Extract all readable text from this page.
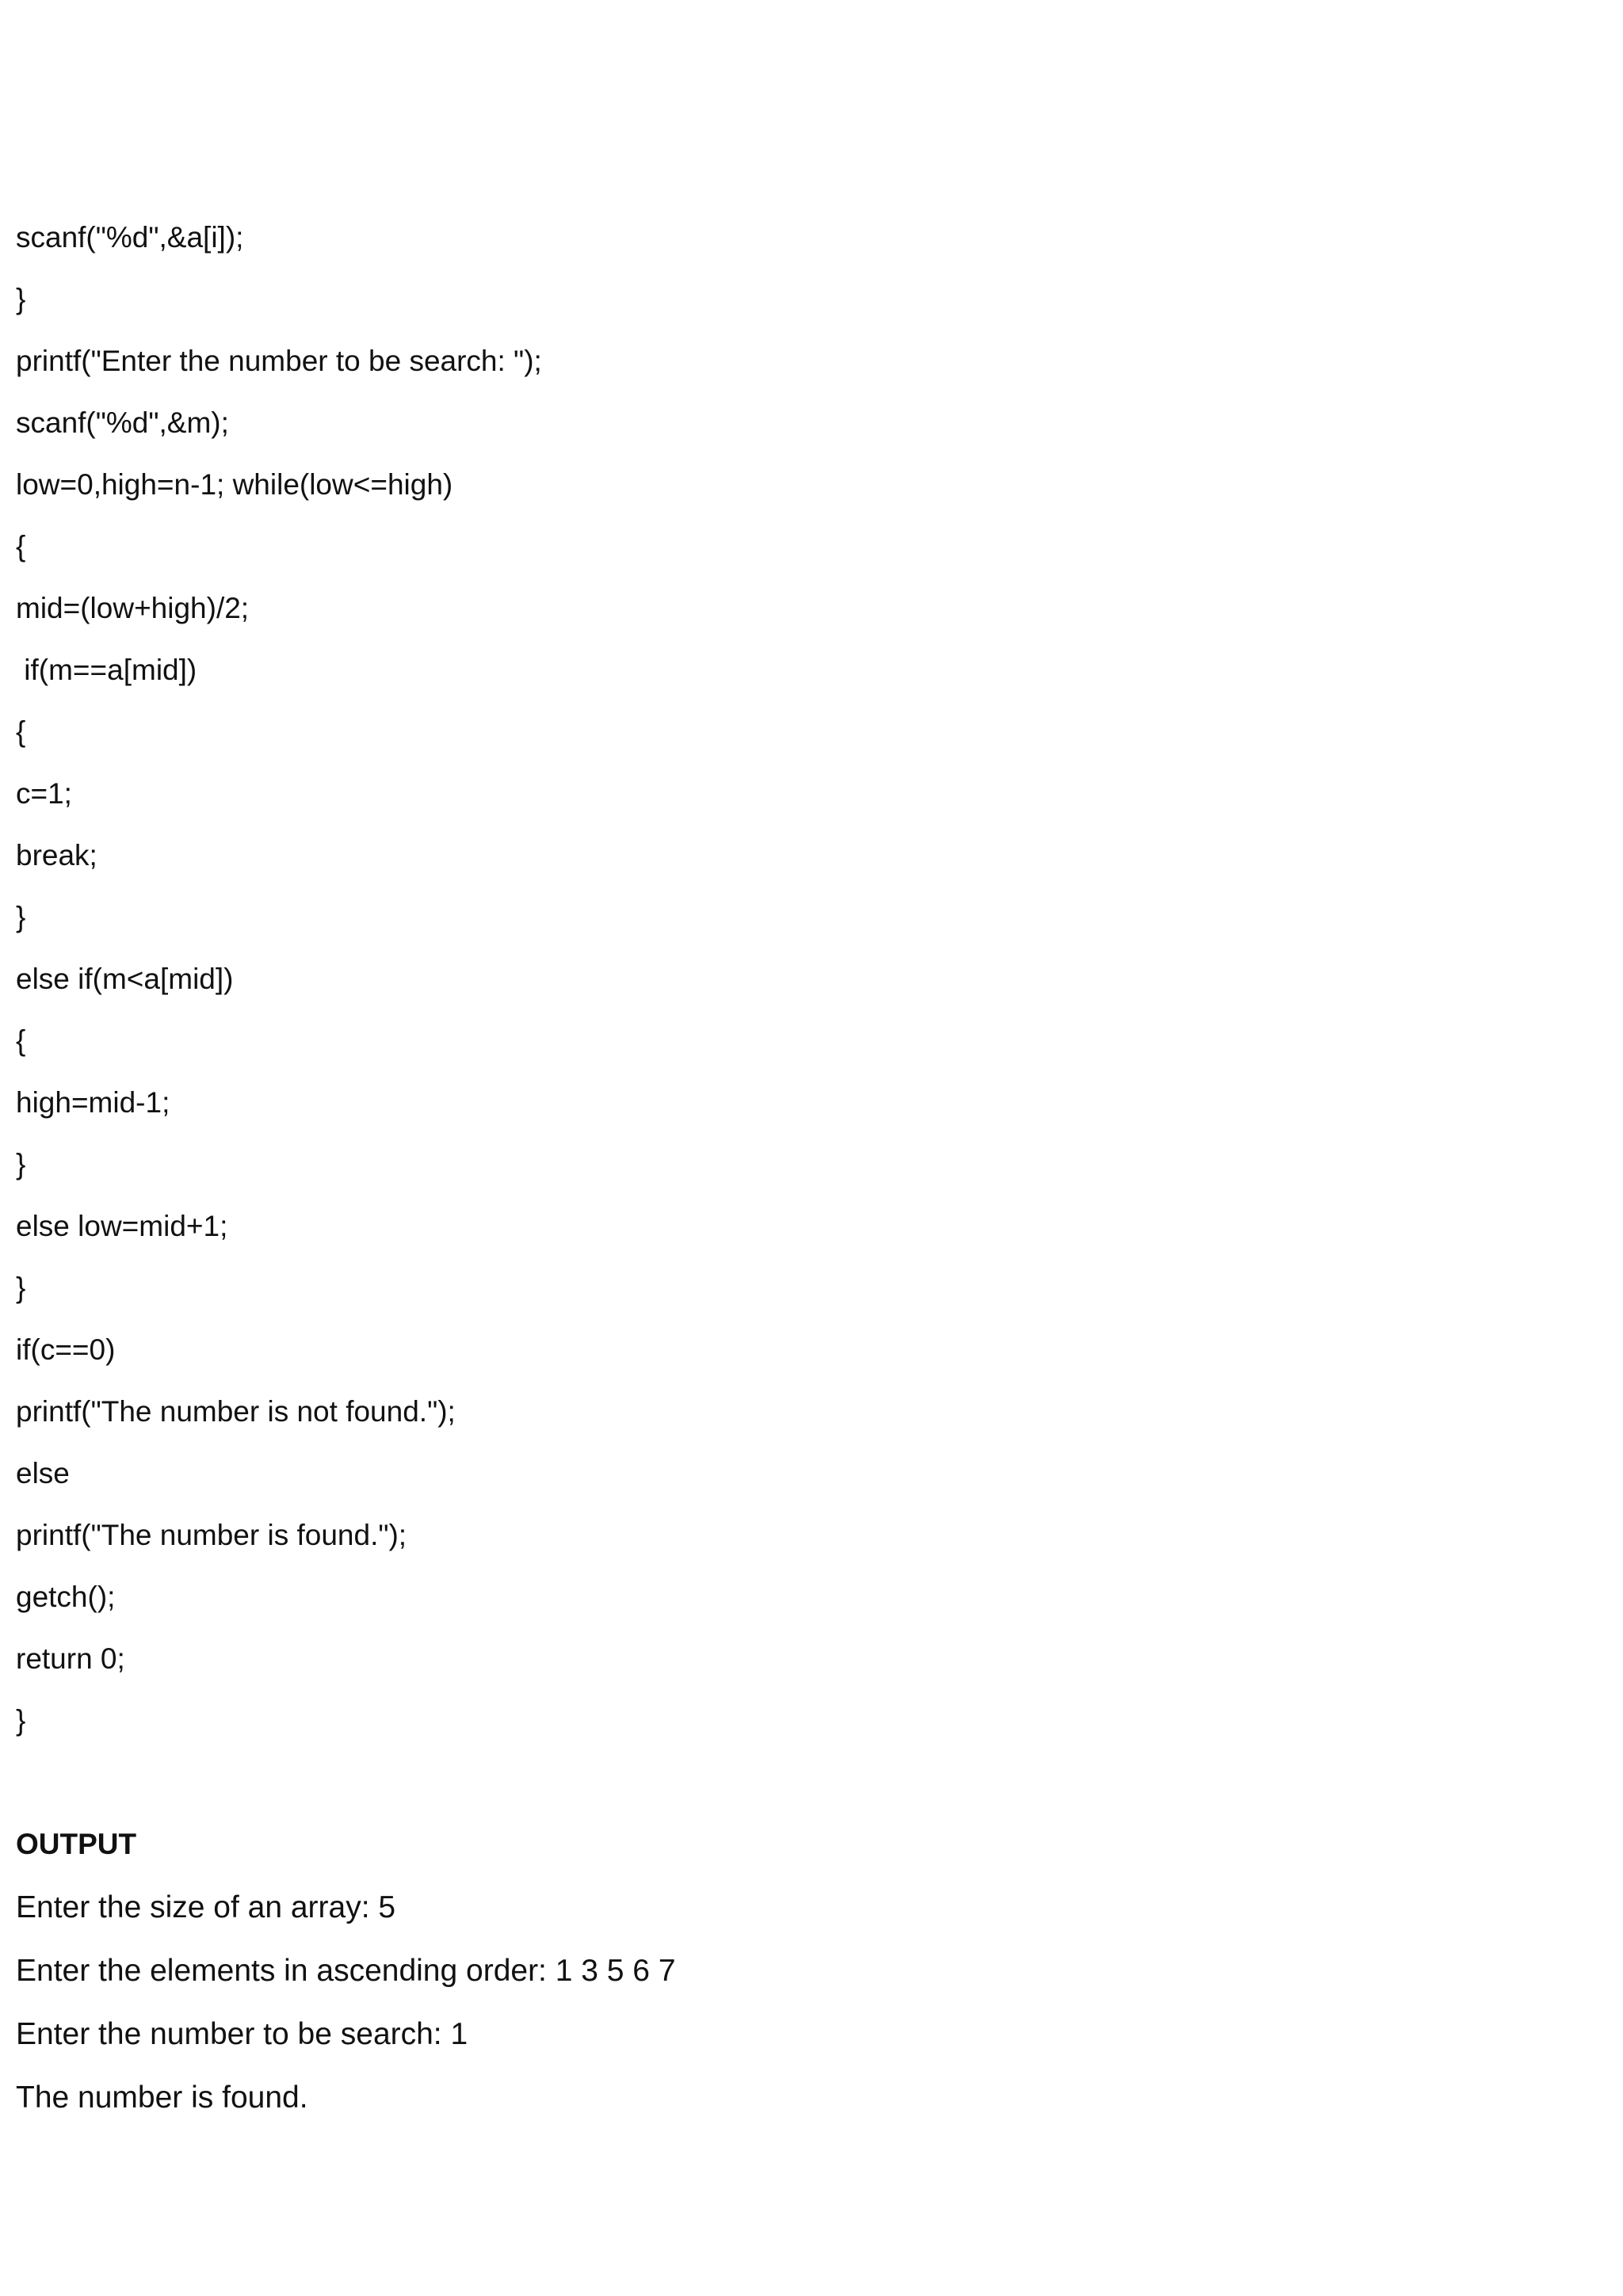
scanf("%d",&a[i]);
}
printf("Enter the number to be search: ");
scanf("%d",&m);
low=0,high=n-1; while(low<=high)
{
mid=(low+high)/2;
if(m==a[mid])
{
c=1;
break;
}
else if(m<a[mid])
{
high=mid-1;
}
else low=mid+1;
}
if(c==0)
printf("The number is not found.");
else
printf("The number is found.");
getch();
return 0;
}
OUTPUT
Enter the size of an array: 5
Enter the elements in ascending order: 1 3 5 6 7
Enter the number to be search: 1
The number is found.
